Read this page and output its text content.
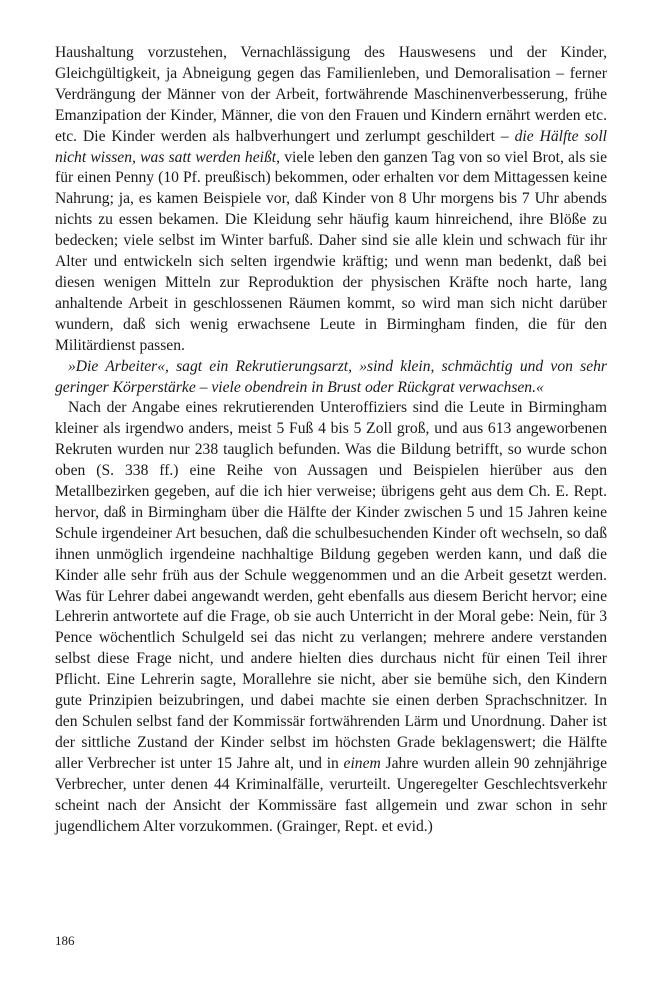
Haushaltung vorzustehen, Vernachlässigung des Hauswesens und der Kinder, Gleichgültigkeit, ja Abneigung gegen das Familienleben, und Demoralisation – ferner Verdrängung der Männer von der Arbeit, fortwährende Maschinenverbesserung, frühe Emanzipation der Kinder, Männer, die von den Frauen und Kindern ernährt werden etc. etc. Die Kinder werden als halbverhungert und zerlumpt geschildert – die Hälfte soll nicht wissen, was satt werden heißt, viele leben den ganzen Tag von so viel Brot, als sie für einen Penny (10 Pf. preußisch) bekommen, oder erhalten vor dem Mittagessen keine Nahrung; ja, es kamen Beispiele vor, daß Kinder von 8 Uhr morgens bis 7 Uhr abends nichts zu essen bekamen. Die Kleidung sehr häufig kaum hinreichend, ihre Blöße zu bedecken; viele selbst im Winter barfuß. Daher sind sie alle klein und schwach für ihr Alter und entwickeln sich selten irgendwie kräftig; und wenn man bedenkt, daß bei diesen wenigen Mitteln zur Reproduktion der physischen Kräfte noch harte, lang anhaltende Arbeit in geschlossenen Räumen kommt, so wird man sich nicht darüber wundern, daß sich wenig erwachsene Leute in Birmingham finden, die für den Militärdienst passen.

»Die Arbeiter«, sagt ein Rekrutierungsarzt, »sind klein, schmächtig und von sehr geringer Körperstärke – viele obendrein in Brust oder Rückgrat verwachsen.«

Nach der Angabe eines rekrutierenden Unteroffiziers sind die Leute in Birmingham kleiner als irgendwo anders, meist 5 Fuß 4 bis 5 Zoll groß, und aus 613 angeworbenen Rekruten wurden nur 238 tauglich befunden. Was die Bildung betrifft, so wurde schon oben (S. 338 ff.) eine Reihe von Aussagen und Beispielen hierüber aus den Metallbezirken gegeben, auf die ich hier verweise; übrigens geht aus dem Ch. E. Rept. hervor, daß in Birmingham über die Hälfte der Kinder zwischen 5 und 15 Jahren keine Schule irgendeiner Art besuchen, daß die schulbesuchenden Kinder oft wechseln, so daß ihnen unmöglich irgendeine nachhaltige Bildung gegeben werden kann, und daß die Kinder alle sehr früh aus der Schule weggenommen und an die Arbeit gesetzt werden. Was für Lehrer dabei angewandt werden, geht ebenfalls aus diesem Bericht hervor; eine Lehrerin antwortete auf die Frage, ob sie auch Unterricht in der Moral gebe: Nein, für 3 Pence wöchentlich Schulgeld sei das nicht zu verlangen; mehrere andere verstanden selbst diese Frage nicht, und andere hielten dies durchaus nicht für einen Teil ihrer Pflicht. Eine Lehrerin sagte, Morallehre sie nicht, aber sie bemühe sich, den Kindern gute Prinzipien beizubringen, und dabei machte sie einen derben Sprachschnitzer. In den Schulen selbst fand der Kommissär fortwährenden Lärm und Unordnung. Daher ist der sittliche Zustand der Kinder selbst im höchsten Grade beklagenswert; die Hälfte aller Verbrecher ist unter 15 Jahre alt, und in einem Jahre wurden allein 90 zehnjährige Verbrecher, unter denen 44 Kriminalfälle, verurteilt. Ungeregelter Geschlechtsverkehr scheint nach der Ansicht der Kommissäre fast allgemein und zwar schon in sehr jugendlichem Alter vorzukommen. (Grainger, Rept. et evid.)

186
